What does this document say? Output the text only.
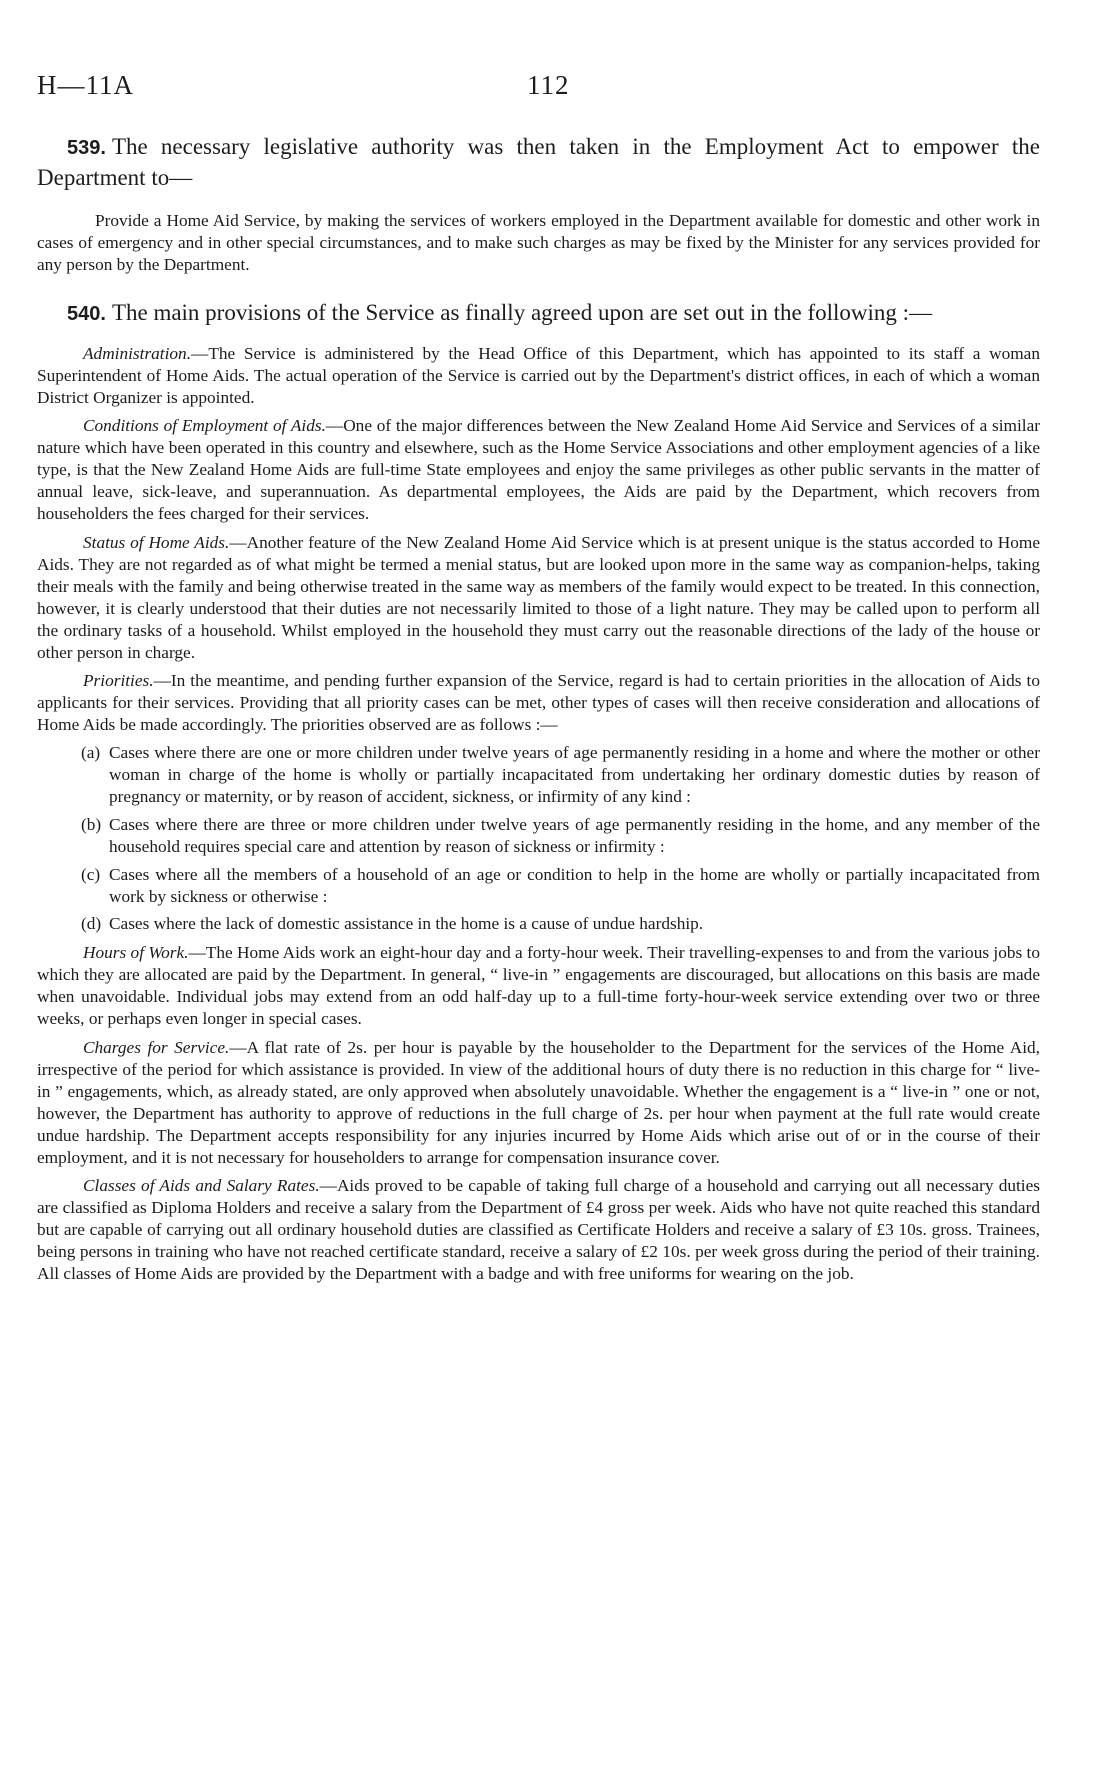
H—11A	112

539. The necessary legislative authority was then taken in the Employment Act to empower the Department to—

Provide a Home Aid Service, by making the services of workers employed in the Department available for domestic and other work in cases of emergency and in other special circumstances, and to make such charges as may be fixed by the Minister for any services provided for any person by the Department.

540. The main provisions of the Service as finally agreed upon are set out in the following :—

Administration.—The Service is administered by the Head Office of this Department, which has appointed to its staff a woman Superintendent of Home Aids. The actual operation of the Service is carried out by the Department's district offices, in each of which a woman District Organizer is appointed.

Conditions of Employment of Aids.—One of the major differences between the New Zealand Home Aid Service and Services of a similar nature which have been operated in this country and elsewhere, such as the Home Service Associations and other employment agencies of a like type, is that the New Zealand Home Aids are full-time State employees and enjoy the same privileges as other public servants in the matter of annual leave, sick-leave, and superannuation. As departmental employees, the Aids are paid by the Department, which recovers from householders the fees charged for their services.

Status of Home Aids.—Another feature of the New Zealand Home Aid Service which is at present unique is the status accorded to Home Aids. They are not regarded as of what might be termed a menial status, but are looked upon more in the same way as companion-helps, taking their meals with the family and being otherwise treated in the same way as members of the family would expect to be treated. In this connection, however, it is clearly understood that their duties are not necessarily limited to those of a light nature. They may be called upon to perform all the ordinary tasks of a household. Whilst employed in the household they must carry out the reasonable directions of the lady of the house or other person in charge.

Priorities.—In the meantime, and pending further expansion of the Service, regard is had to certain priorities in the allocation of Aids to applicants for their services. Providing that all priority cases can be met, other types of cases will then receive consideration and allocations of Home Aids be made accordingly. The priorities observed are as follows :—

(a) Cases where there are one or more children under twelve years of age permanently residing in a home and where the mother or other woman in charge of the home is wholly or partially incapacitated from undertaking her ordinary domestic duties by reason of pregnancy or maternity, or by reason of accident, sickness, or infirmity of any kind :
(b) Cases where there are three or more children under twelve years of age permanently residing in the home, and any member of the household requires special care and attention by reason of sickness or infirmity :
(c) Cases where all the members of a household of an age or condition to help in the home are wholly or partially incapacitated from work by sickness or otherwise :
(d) Cases where the lack of domestic assistance in the home is a cause of undue hardship.

Hours of Work.—The Home Aids work an eight-hour day and a forty-hour week. Their travelling-expenses to and from the various jobs to which they are allocated are paid by the Department. In general, “ live-in ” engagements are discouraged, but allocations on this basis are made when unavoidable. Individual jobs may extend from an odd half-day up to a full-time forty-hour-week service extending over two or three weeks, or perhaps even longer in special cases.

Charges for Service.—A flat rate of 2s. per hour is payable by the householder to the Department for the services of the Home Aid, irrespective of the period for which assistance is provided. In view of the additional hours of duty there is no reduction in this charge for “ live-in ” engagements, which, as already stated, are only approved when absolutely unavoidable. Whether the engagement is a “ live-in ” one or not, however, the Department has authority to approve of reductions in the full charge of 2s. per hour when payment at the full rate would create undue hardship. The Department accepts responsibility for any injuries incurred by Home Aids which arise out of or in the course of their employment, and it is not necessary for householders to arrange for compensation insurance cover.

Classes of Aids and Salary Rates.—Aids proved to be capable of taking full charge of a household and carrying out all necessary duties are classified as Diploma Holders and receive a salary from the Department of £4 gross per week. Aids who have not quite reached this standard but are capable of carrying out all ordinary household duties are classified as Certificate Holders and receive a salary of £3 10s. gross. Trainees, being persons in training who have not reached certificate standard, receive a salary of £2 10s. per week gross during the period of their training. All classes of Home Aids are provided by the Department with a badge and with free uniforms for wearing on the job.
